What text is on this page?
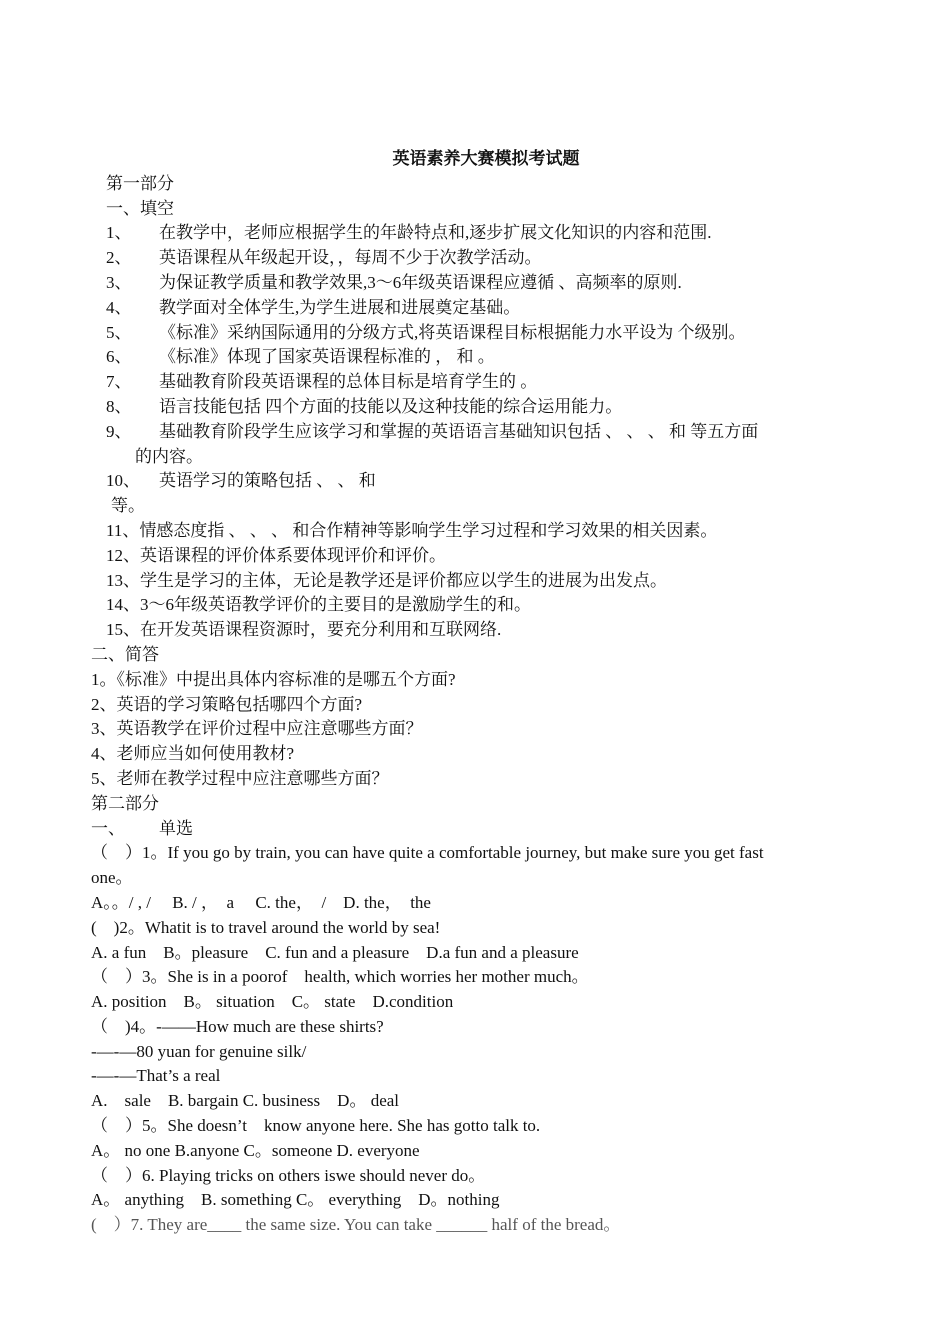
英语素养大赛模拟考试题
第一部分
一、填空
1、 在教学中，老师应根据学生的年龄特点和,逐步扩展文化知识的内容和范围.
2、 英语课程从年级起开设，，每周不少于次教学活动。
3、 为保证教学质量和教学效果,3～6年级英语课程应遵循 、高频率的原则.
4、 教学面对全体学生,为学生进展和进展奠定基础。
5、 《标准》采纳国际通用的分级方式,将英语课程目标根据能力水平设为 个级别。
6、 《标准》体现了国家英语课程标准的 ， 和 。
7、 基础教育阶段英语课程的总体目标是培育学生的 。
8、 语言技能包括 四个方面的技能以及这种技能的综合运用能力。
9、 基础教育阶段学生应该学习和掌握的英语语言基础知识包括 、 、 、 和 等五方面
的内容。
10、 英语学习的策略包括 、 、 和
等。
11、情感态度指 、 、 、 和合作精神等影响学生学习过程和学习效果的相关因素。
12、英语课程的评价体系要体现评价和评价。
13、学生是学习的主体，无论是教学还是评价都应以学生的进展为出发点。
14、3～6年级英语教学评价的主要目的是激励学生的和。
15、在开发英语课程资源时，要充分利用和互联网络.
二、简答
1。《标准》中提出具体内容标准的是哪五个方面?
2、英语的学习策略包括哪四个方面?
3、英语教学在评价过程中应注意哪些方面？
4、老师应当如何使用教材?
5、老师在教学过程中应注意哪些方面？
第二部分
一、 单选
（　）1。If you go by train, you can have quite a comfortable journey, but make sure you get fast
one。
A。。/ , /　 B. / ，　a　 C. the，　/　D. the，　the
(　)2。Whatit is to travel around the world by sea!
A. a fun　B。pleasure　C. fun and a pleasure　D.a fun and a pleasure
（　）3。She is in a poorof　health, which worries her mother much。
A. position　B。 situation　C。 state　D.condition
（　)4。-——How much are these shirts?
-—-—80 yuan for genuine silk/
-—-—That’s a real
A.　sale　B. bargain C. business　D。 deal
（　）5。She doesn’t　know anyone here. She has gotto talk to.
A。 no one B.anyone C。someone D. everyone
（　）6. Playing tricks on others iswe should never do。
A。 anything　B. something C。 everything　D。nothing
(　）7. They are____ the same size. You can take ______ half of the bread。
